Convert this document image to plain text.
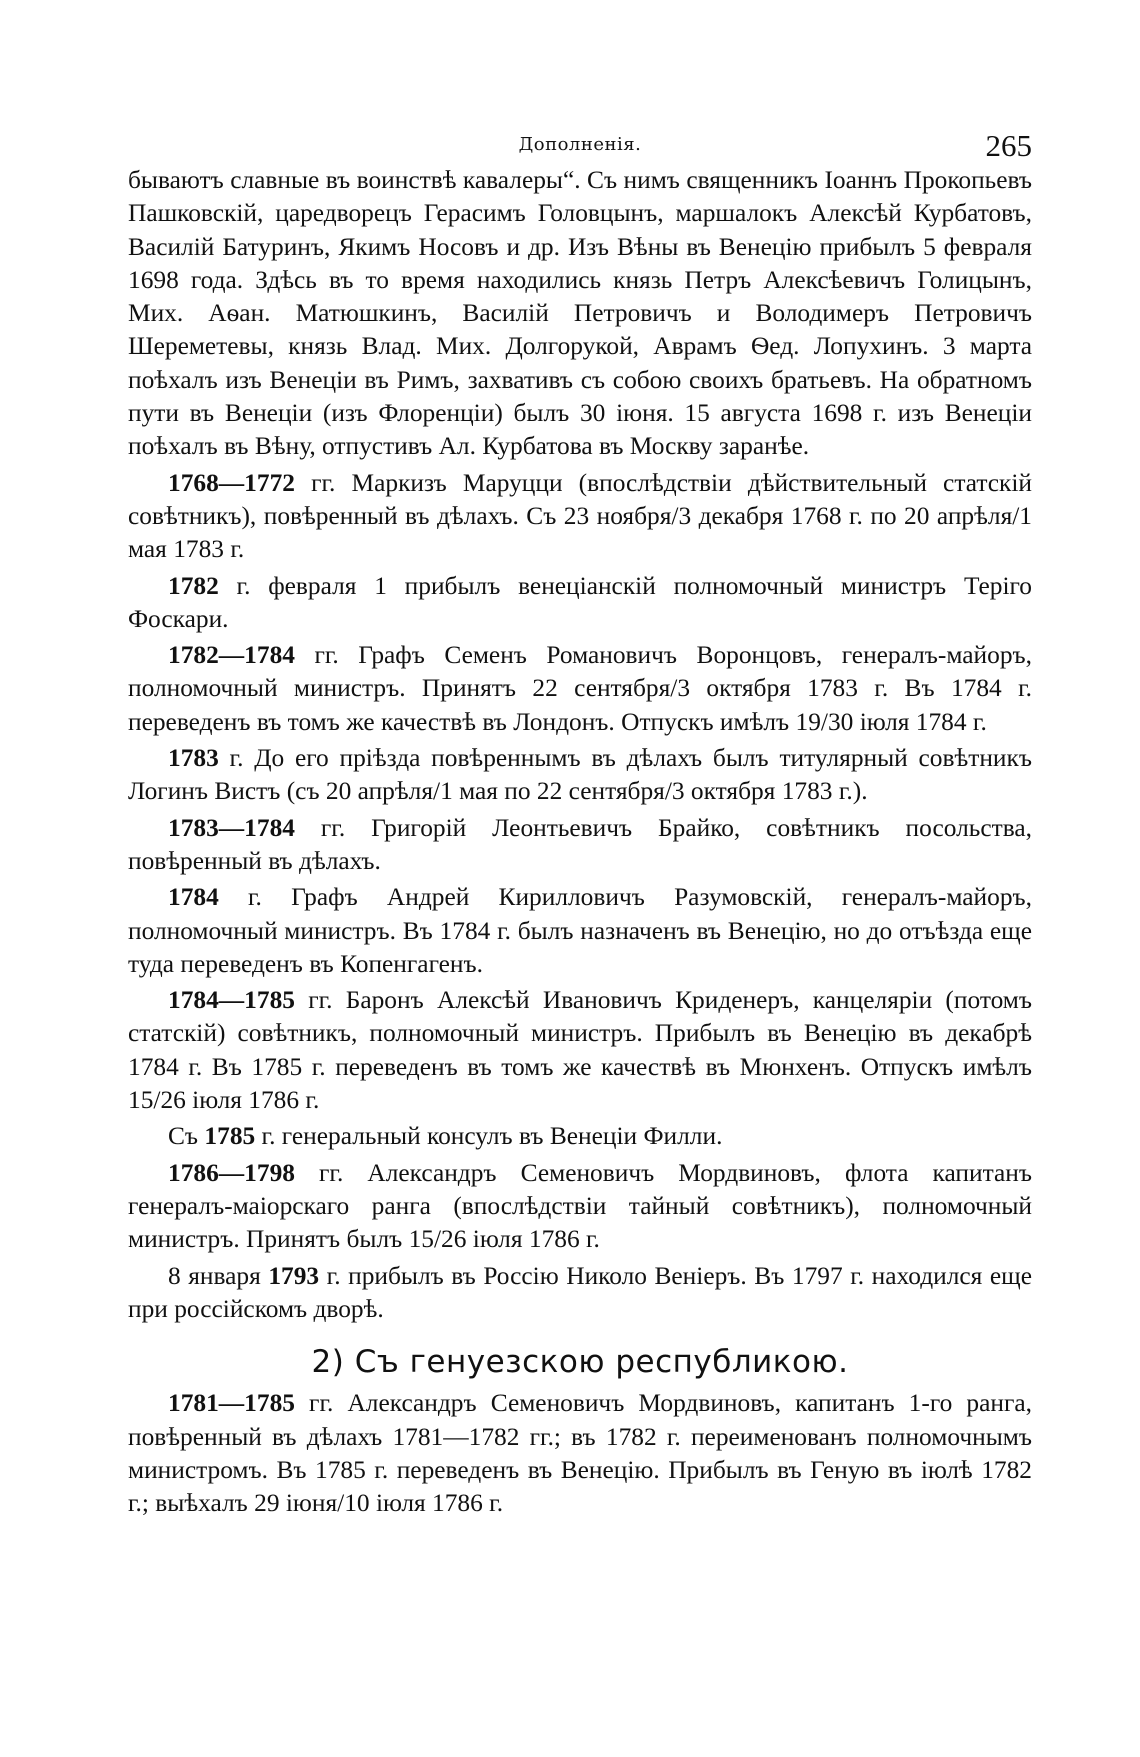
Дополненія.	265

бываютъ славные въ воинствѣ кавалеры“. Съ нимъ священникъ Іоаннъ Прокопьевъ Пашковскій, царедворецъ Герасимъ Головцынъ, маршалокъ Алексѣй Курбатовъ, Василій Батуринъ, Якимъ Носовъ и др. Изъ Вѣны въ Венецію прибылъ 5 февраля 1698 года. Здѣсь въ то время находились князь Петръ Алексѣевичъ Голицынъ, Мих. Аѳан. Матюшкинъ, Василій Петровичъ и Володимеръ Петровичъ Шереметевы, князь Влад. Мих. Долгорукой, Аврамъ Ѳед. Лопухинъ. 3 марта поѣхалъ изъ Венеціи въ Римъ, захвативъ съ собою своихъ братьевъ. На обратномъ пути въ Венеціи (изъ Флоренціи) былъ 30 іюня. 15 августа 1698 г. изъ Венеціи поѣхалъ въ Вѣну, отпустивъ Ал. Курбатова въ Москву заранѣе.

1768—1772 гг. Маркизъ Маруцци (впослѣдствіи дѣйствительный статскій совѣтникъ), повѣренный въ дѣлахъ. Съ 23 ноября/3 декабря 1768 г. по 20 апрѣля/1 мая 1783 г.

1782 г. февраля 1 прибылъ венеціанскій полномочный министръ Теріго Фоскари.

1782—1784 гг. Графъ Семенъ Романовичъ Воронцовъ, генералъ-майоръ, полномочный министръ. Принятъ 22 сентября/3 октября 1783 г. Въ 1784 г. переведенъ въ томъ же качествѣ въ Лондонъ. Отпускъ имѣлъ 19/30 іюля 1784 г.

1783 г. До его пріѣзда повѣреннымъ въ дѣлахъ былъ титулярный совѣтникъ Логинъ Вистъ (съ 20 апрѣля/1 мая по 22 сентября/3 октября 1783 г.).

1783—1784 гг. Григорій Леонтьевичъ Брайко, совѣтникъ посольства, повѣренный въ дѣлахъ.

1784 г. Графъ Андрей Кирилловичъ Разумовскій, генералъ-майоръ, полномочный министръ. Въ 1784 г. былъ назначенъ въ Венецію, но до отъѣзда еще туда переведенъ въ Копенгагенъ.

1784—1785 гг. Баронъ Алексѣй Ивановичъ Криденеръ, канцеляріи (потомъ статскій) совѣтникъ, полномочный министръ. Прибылъ въ Венецію въ декабрѣ 1784 г. Въ 1785 г. переведенъ въ томъ же качествѣ въ Мюнхенъ. Отпускъ имѣлъ 15/26 іюля 1786 г.

Съ 1785 г. генеральный консулъ въ Венеціи Филли.

1786—1798 гг. Александръ Семеновичъ Мордвиновъ, флота капитанъ генералъ-маіорскаго ранга (впослѣдствіи тайный совѣтникъ), полномочный министръ. Принятъ былъ 15/26 іюля 1786 г.

8 января 1793 г. прибылъ въ Россію Николо Веніеръ. Въ 1797 г. находился еще при россійскомъ дворѣ.

2) Съ генуезскою республикою.

1781—1785 гг. Александръ Семеновичъ Мордвиновъ, капитанъ 1-го ранга, повѣренный въ дѣлахъ 1781—1782 гг.; въ 1782 г. переименованъ полномочнымъ министромъ. Въ 1785 г. переведенъ въ Венецію. Прибылъ въ Геную въ іюлѣ 1782 г.; выѣхалъ 29 іюня/10 іюля 1786 г.
